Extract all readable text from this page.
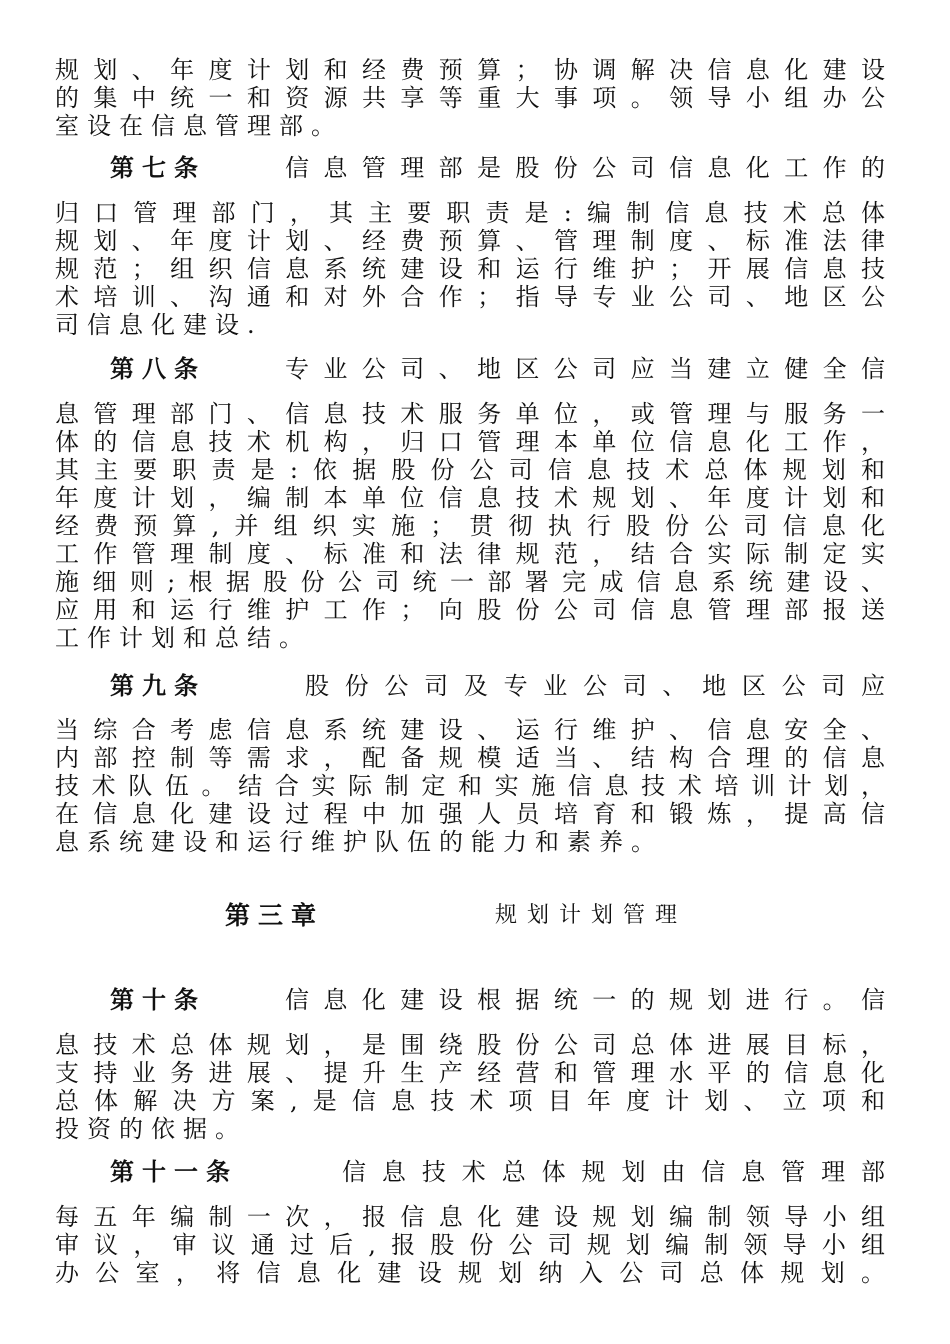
规划、年度计划和经费预算；协调解决信息化建设
的集中统一和资源共享等重大事项。领导小组办公
室设在信息管理部。
第七条	信息管理部是股份公司信息化工作的
归口管理部门，其主要职责是:编制信息技术总体
规划、年度计划、经费预算、管理制度、标准法律
规范；组织信息系统建设和运行维护；开展信息技
术培训、沟通和对外合作；指导专业公司、地区公
司信息化建设.
第八条	专业公司、地区公司应当建立健全信
息管理部门、信息技术服务单位，或管理与服务一
体的信息技术机构，归口管理本单位信息化工作，
其主要职责是:依据股份公司信息技术总体规划和
年度计划，编制本单位信息技术规划、年度计划和
经费预算,并组织实施；贯彻执行股份公司信息化
工作管理制度、标准和法律规范，结合实际制定实
施细则;根据股份公司统一部署完成信息系统建设、
应用和运行维护工作；向股份公司信息管理部报送
工作计划和总结。
第九条	股份公司及专业公司、地区公司应
当综合考虑信息系统建设、运行维护、信息安全、
内部控制等需求，配备规模适当、结构合理的信息
技术队伍。结合实际制定和实施信息技术培训计划，
在信息化建设过程中加强人员培育和锻炼，提高信
息系统建设和运行维护队伍的能力和素养。
第三章	规划计划管理
第十条	信息化建设根据统一的规划进行。信
息技术总体规划，是围绕股份公司总体进展目标，
支持业务进展、提升生产经营和管理水平的信息化
总体解决方案,是信息技术项目年度计划、立项和
投资的依据。
第十一条	信息技术总体规划由信息管理部
每五年编制一次，报信息化建设规划编制领导小组
审议，审议通过后,报股份公司规划编制领导小组
办公室，将信息化建设规划纳入公司总体规划。
